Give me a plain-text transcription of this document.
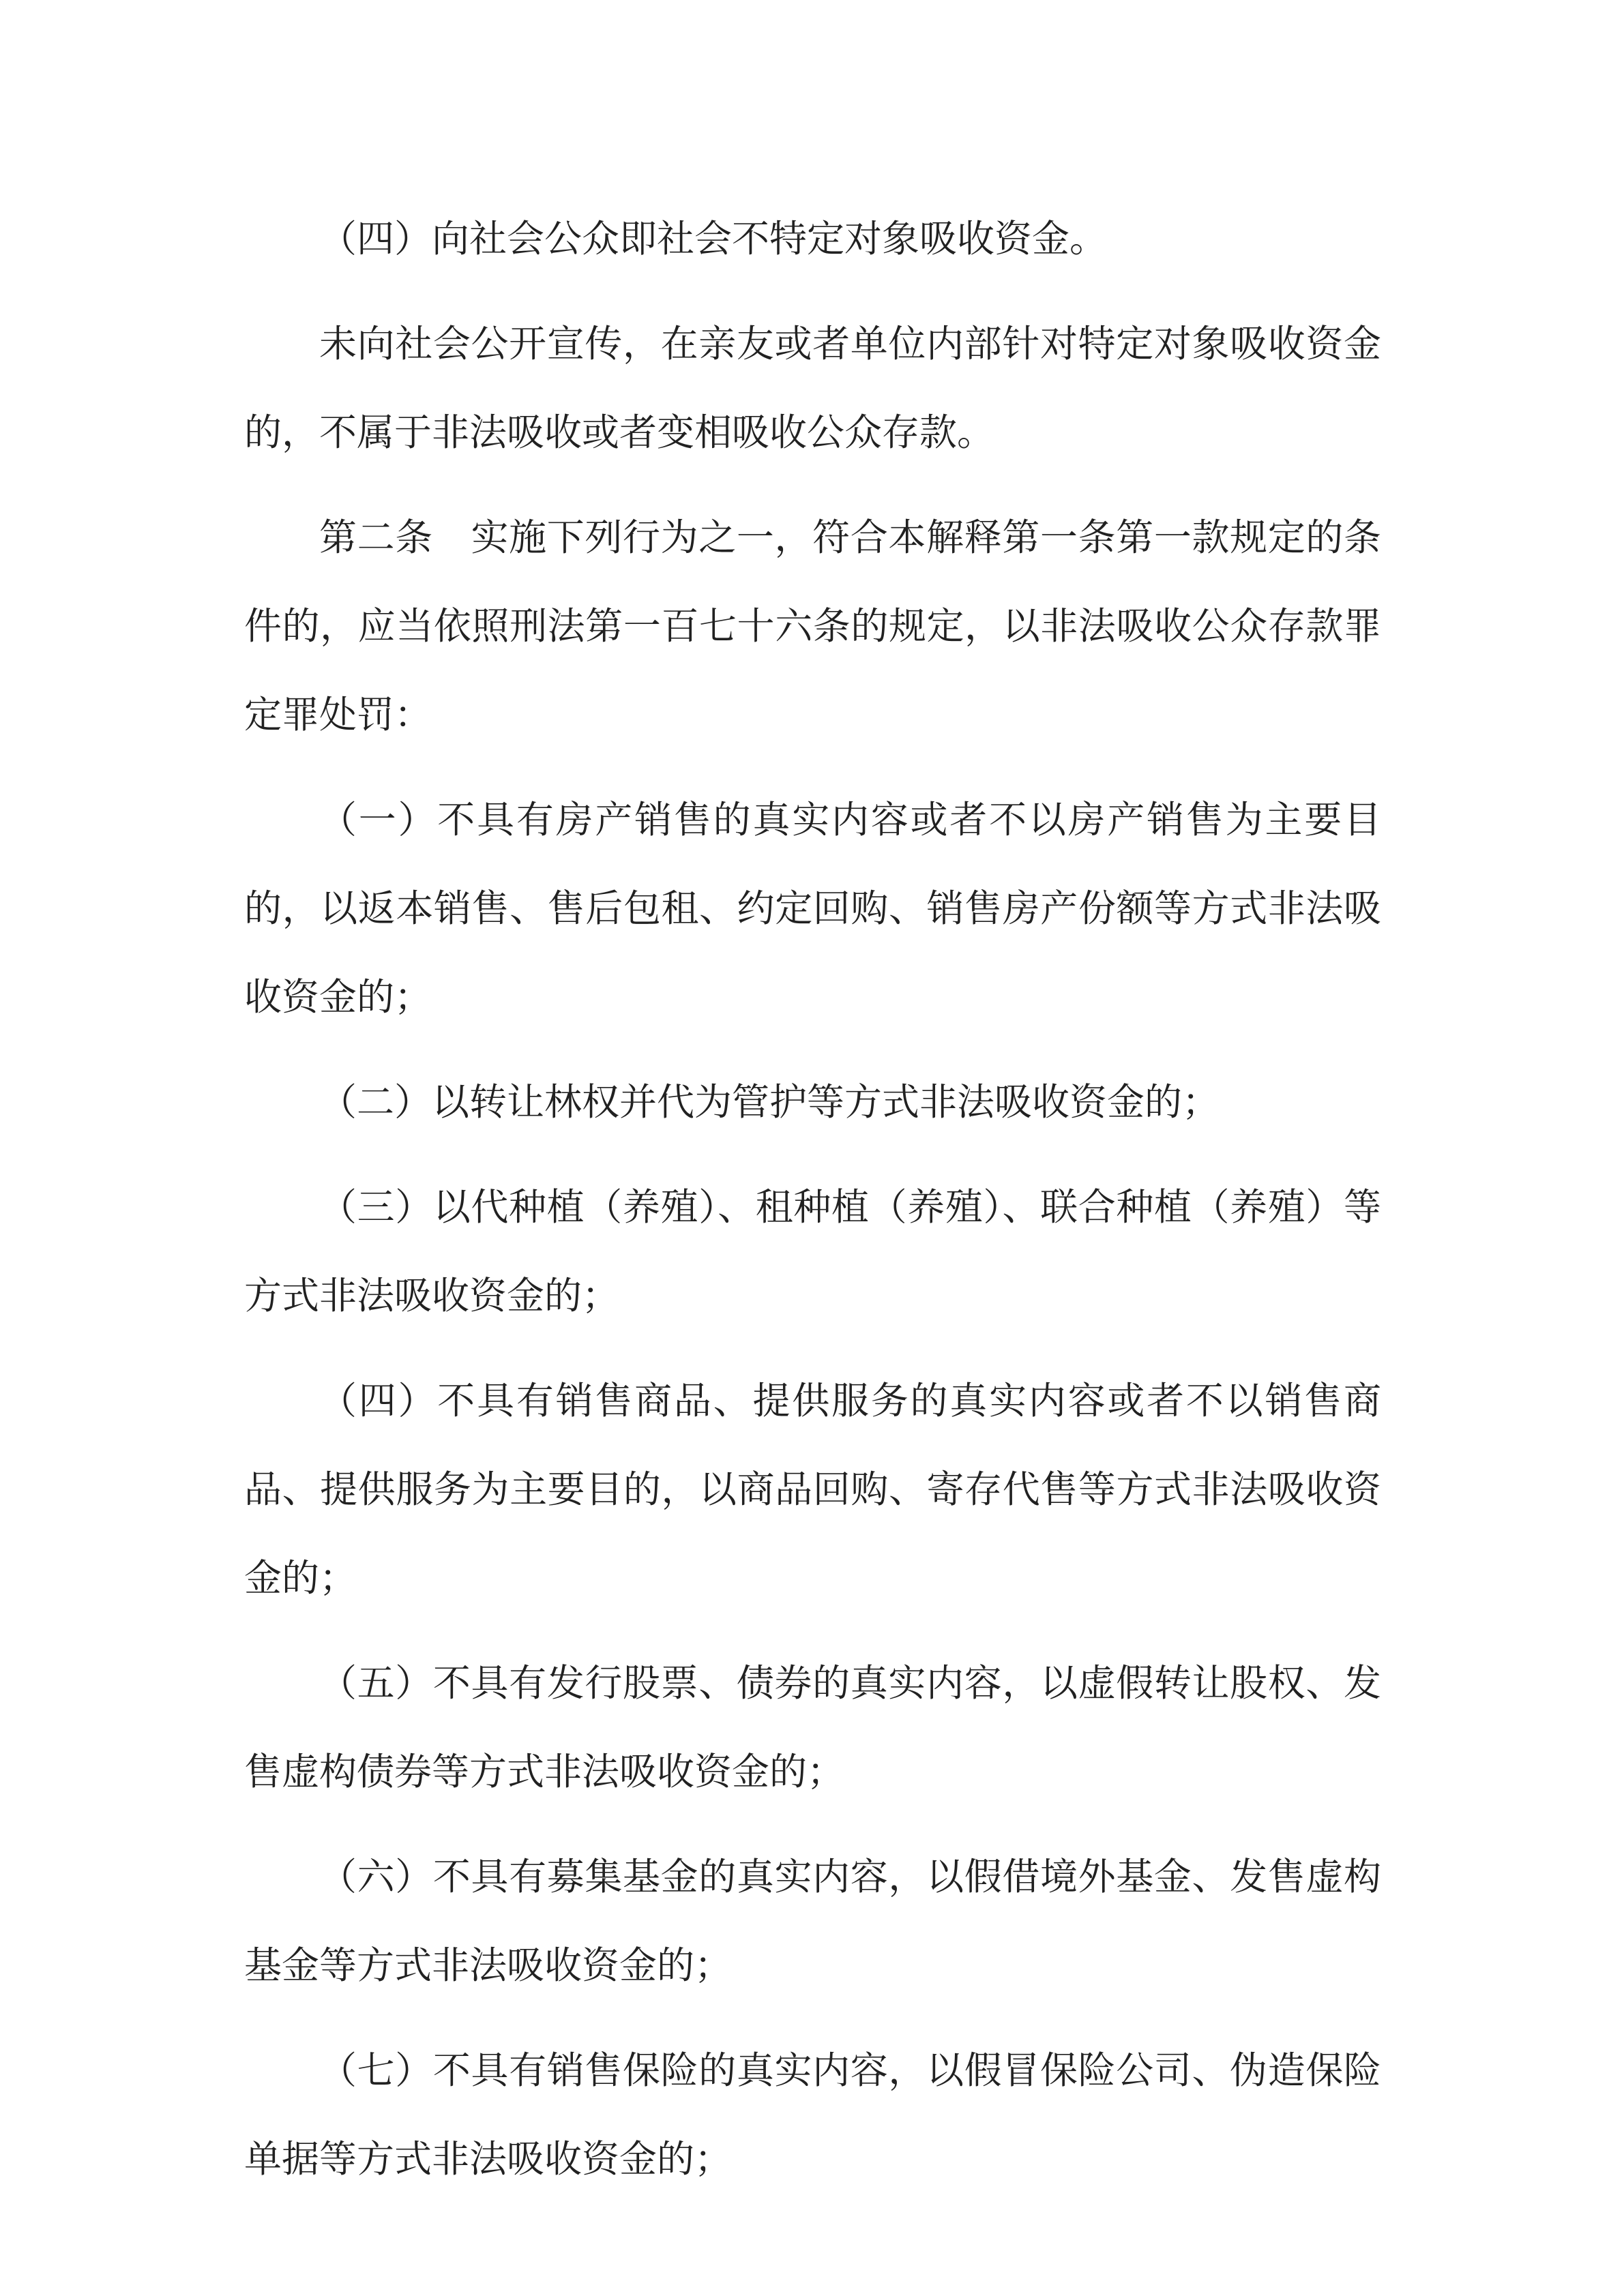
（四）向社会公众即社会不特定对象吸收资金。

未向社会公开宣传，在亲友或者单位内部针对特定对象吸收资金的，不属于非法吸收或者变相吸收公众存款。

第二条　实施下列行为之一，符合本解释第一条第一款规定的条件的，应当依照刑法第一百七十六条的规定，以非法吸收公众存款罪定罪处罚：

（一）不具有房产销售的真实内容或者不以房产销售为主要目的，以返本销售、售后包租、约定回购、销售房产份额等方式非法吸收资金的；

（二）以转让林权并代为管护等方式非法吸收资金的；

（三）以代种植（养殖）、租种植（养殖）、联合种植（养殖）等方式非法吸收资金的；

（四）不具有销售商品、提供服务的真实内容或者不以销售商品、提供服务为主要目的，以商品回购、寄存代售等方式非法吸收资金的；

（五）不具有发行股票、债券的真实内容，以虚假转让股权、发售虚构债券等方式非法吸收资金的；

（六）不具有募集基金的真实内容，以假借境外基金、发售虚构基金等方式非法吸收资金的；

（七）不具有销售保险的真实内容，以假冒保险公司、伪造保险单据等方式非法吸收资金的；
